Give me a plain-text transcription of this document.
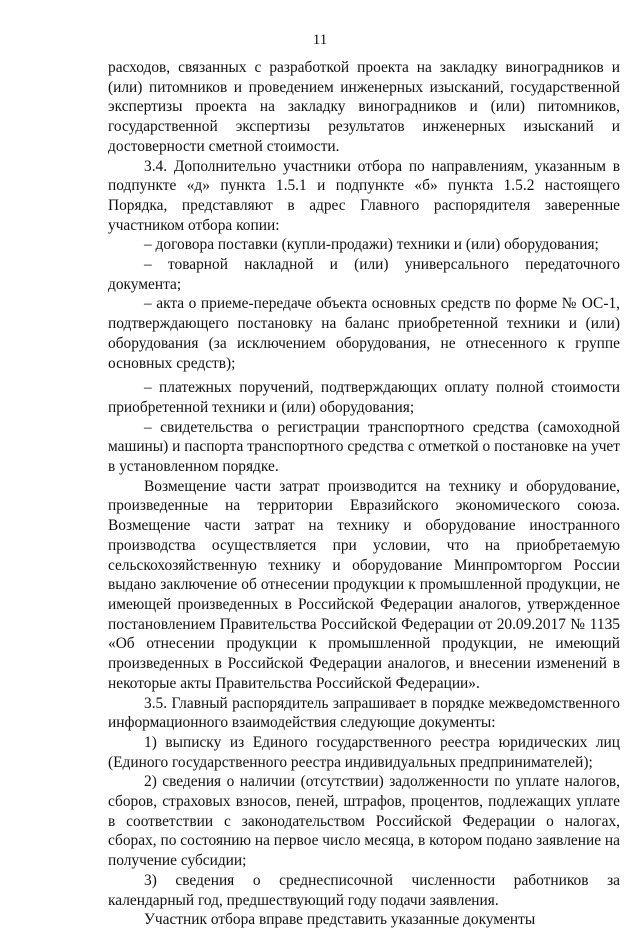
11

расходов, связанных с разработкой проекта на закладку виноградников и (или) питомников и проведением инженерных изысканий, государственной экспертизы проекта на закладку виноградников и (или) питомников, государственной экспертизы результатов инженерных изысканий и достоверности сметной стоимости.

3.4. Дополнительно участники отбора по направлениям, указанным в подпункте «д» пункта 1.5.1 и подпункте «б» пункта 1.5.2 настоящего Порядка, представляют в адрес Главного распорядителя заверенные участником отбора копии:

– договора поставки (купли-продажи) техники и (или) оборудования;

– товарной накладной и (или) универсального передаточного документа;

– акта о приеме-передаче объекта основных средств по форме № ОС-1, подтверждающего постановку на баланс приобретенной техники и (или) оборудования (за исключением оборудования, не отнесенного к группе основных средств);

– платежных поручений, подтверждающих оплату полной стоимости приобретенной техники и (или) оборудования;

– свидетельства о регистрации транспортного средства (самоходной машины) и паспорта транспортного средства с отметкой о постановке на учет в установленном порядке.

Возмещение части затрат производится на технику и оборудование, произведенные на территории Евразийского экономического союза. Возмещение части затрат на технику и оборудование иностранного производства осуществляется при условии, что на приобретаемую сельскохозяйственную технику и оборудование Минпромторгом России выдано заключение об отнесении продукции к промышленной продукции, не имеющей произведенных в Российской Федерации аналогов, утвержденное постановлением Правительства Российской Федерации от 20.09.2017 № 1135 «Об отнесении продукции к промышленной продукции, не имеющий произведенных в Российской Федерации аналогов, и внесении изменений в некоторые акты Правительства Российской Федерации».

3.5. Главный распорядитель запрашивает в порядке межведомственного информационного взаимодействия следующие документы:

1) выписку из Единого государственного реестра юридических лиц (Единого государственного реестра индивидуальных предпринимателей);

2) сведения о наличии (отсутствии) задолженности по уплате налогов, сборов, страховых взносов, пеней, штрафов, процентов, подлежащих уплате в соответствии с законодательством Российской Федерации о налогах, сборах, по состоянию на первое число месяца, в котором подано заявление на получение субсидии;

3) сведения о среднесписочной численности работников за календарный год, предшествующий году подачи заявления.

Участник отбора вправе представить указанные документы
